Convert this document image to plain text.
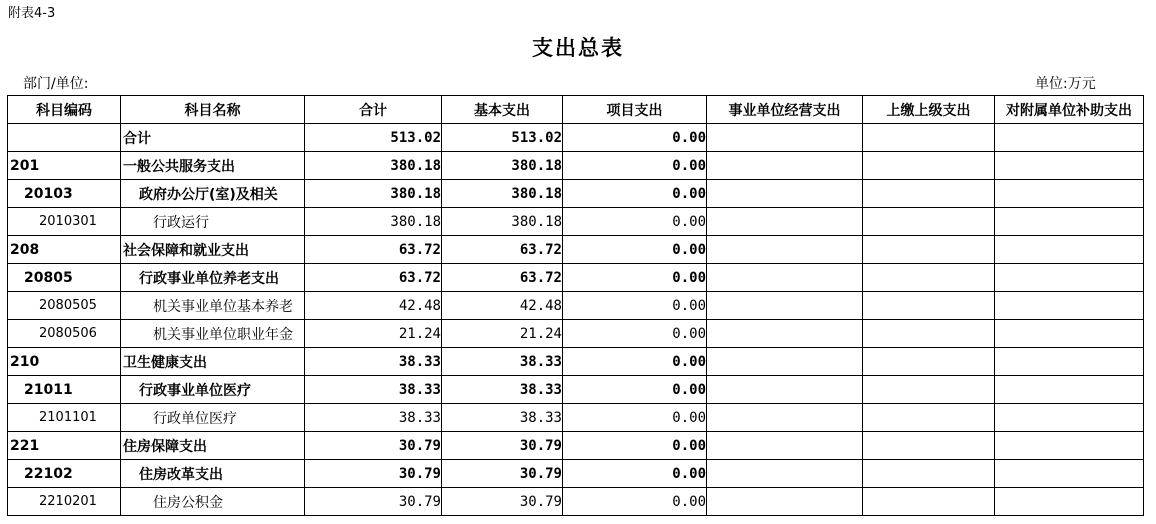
附表4-3
支出总表
部门/单位:	单位:万元
科目编码	科目名称	合计	基本支出	项目支出	事业单位经营支出	上缴上级支出	对附属单位补助支出
	合计	513.02	513.02	0.00			
201	一般公共服务支出	380.18	380.18	0.00			
20103	政府办公厅(室)及相关	380.18	380.18	0.00			
2010301	行政运行	380.18	380.18	0.00			
208	社会保障和就业支出	63.72	63.72	0.00			
20805	行政事业单位养老支出	63.72	63.72	0.00			
2080505	机关事业单位基本养老	42.48	42.48	0.00			
2080506	机关事业单位职业年金	21.24	21.24	0.00			
210	卫生健康支出	38.33	38.33	0.00			
21011	行政事业单位医疗	38.33	38.33	0.00			
2101101	行政单位医疗	38.33	38.33	0.00			
221	住房保障支出	30.79	30.79	0.00			
22102	住房改革支出	30.79	30.79	0.00			
2210201	住房公积金	30.79	30.79	0.00			
